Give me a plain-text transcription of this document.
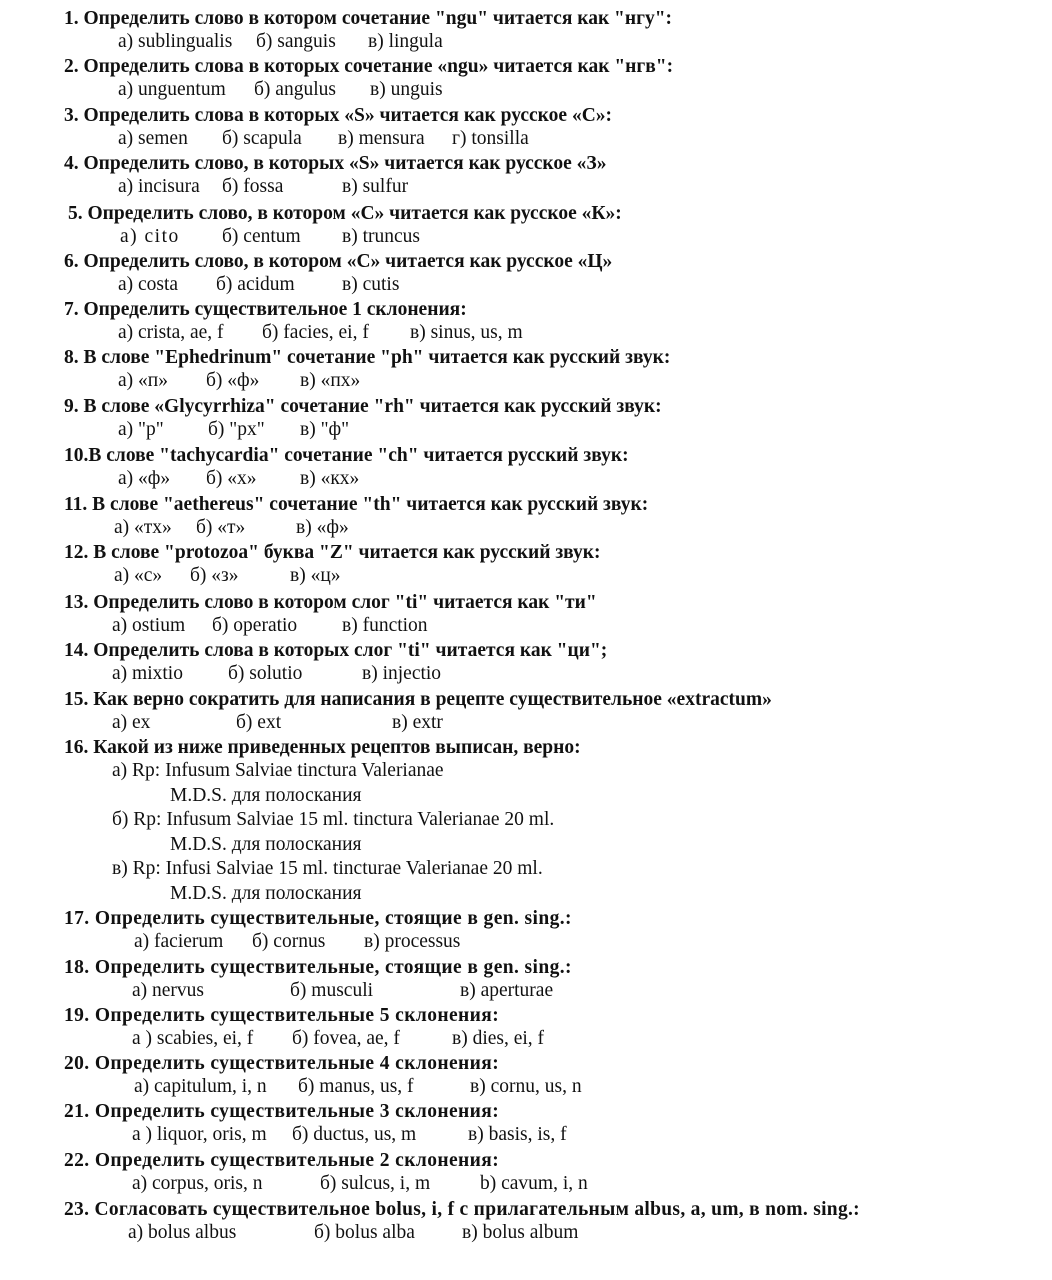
1. Определить слово в котором сочетание "ngu" читается как "нгу":
а) sublingualis б) sanguis в) lingula
2. Определить слова в которых сочетание «ngu» читается как "нгв":
а) unguentum б) angulus в) unguis
3. Определить слова в которых «S» читается как русское «С»:
а) semen б) scapula в) mensura г) tonsilla
4. Определить слово, в которых «S» читается как русское «З»
а) incisura б) fossa	в) sulfur
5. Определить слово, в котором «С» читается как русское «К»:
а) cito б) centum в) truncus
6. Определить слово, в котором «С» читается как русское «Ц»
а) costa б) acidum в) cutis
7. Определить существительное 1 склонения:
а) crista, ae, f б) facies, ei, f в) sinus, us, m
8. В слове "Ephedrinum" сочетание "ph" читается как русский звук:
а) «п» б) «ф» в) «пх»
9. В слове «Glycyrrhiza" сочетание "rh" читается как русский звук:
а) "р" б) "рх" в) "ф"
10.В слове "tachycardia" сочетание "ch" читается русский звук:
а) «ф» б) «х» в) «кх»
11. В слове "aethereus" сочетание "th" читается как русский звук:
а) «тх» б) «т»	в) «ф»
12. В слове "protozoa" буква "Z" читается как русский звук:
а) «с» б) «з»	в) «ц»
13. Определить слово в котором слог "ti" читается как "ти"
а) ostium б) operatio в) function
14. Определить слова в которых слог "ti" читается как "ци";
а) mixtio б) solutio	в) injectio
15. Как верно сократить для написания в рецепте существительное «extractum»
а) ex	б) ext	в) extr
16. Какой из ниже приведенных рецептов выписан, верно:
а) Rp: Infusum Salviae tinctura Valerianae
M.D.S. для полоскания
б) Rp: Infusum Salviae 15 ml. tinctura Valerianae 20 ml.
M.D.S. для полоскания
в) Rp: Infusi Salviae 15 ml. tincturae Valerianae 20 ml.
M.D.S. для полоскания
17. Определить существительные, стоящие в gen. sing.:
а) facierum б) cornus в) processus
18. Определить существительные, стоящие в gen. sing.:
а) nervus	б) musculi	в) aperturae
19. Определить существительные 5 склонения:
а ) scabies, ei, f б) fovea, ae, f	в) dies, ei, f
20. Определить существительные 4 склонения:
а) capitulum, i, n б) manus, us, f	в) cornu, us, n
21. Определить существительные 3 склонения:
а ) liquor, oris, m б) ductus, us, m	в) basis, is, f
22. Определить существительные 2 склонения:
а) corpus, oris, n	б) sulcus, i, m	b) cavum, i, n
23. Согласовать существительное bolus, i, f с прилагательным albus, a, um, в nom. sing.:
а) bolus albus	б) bolus alba в) bolus album
